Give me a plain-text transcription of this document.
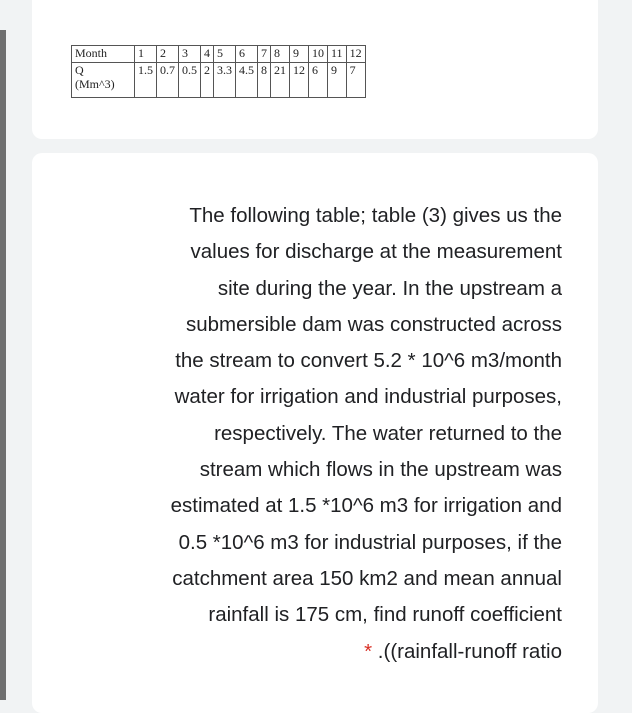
Month	1	2	3	4	5	6	7	8	9	10	11	12
Q
(Mm^3)	1.5	0.7	0.5	2	3.3	4.5	8	21	12	6	9	7

The following table; table (3) gives us the

values for discharge at the measurement

site during the year. In the upstream a

submersible dam was constructed across

the stream to convert 5.2 * 10^6 m3/month

water for irrigation and industrial purposes,

respectively. The water returned to the

stream which flows in the upstream was

estimated at 1.5 *10^6 m3 for irrigation and

0.5 *10^6 m3 for industrial purposes, if the

catchment area 150 km2 and mean annual

rainfall is 175 cm, find runoff coefficient

* .((rainfall-runoff ratio
